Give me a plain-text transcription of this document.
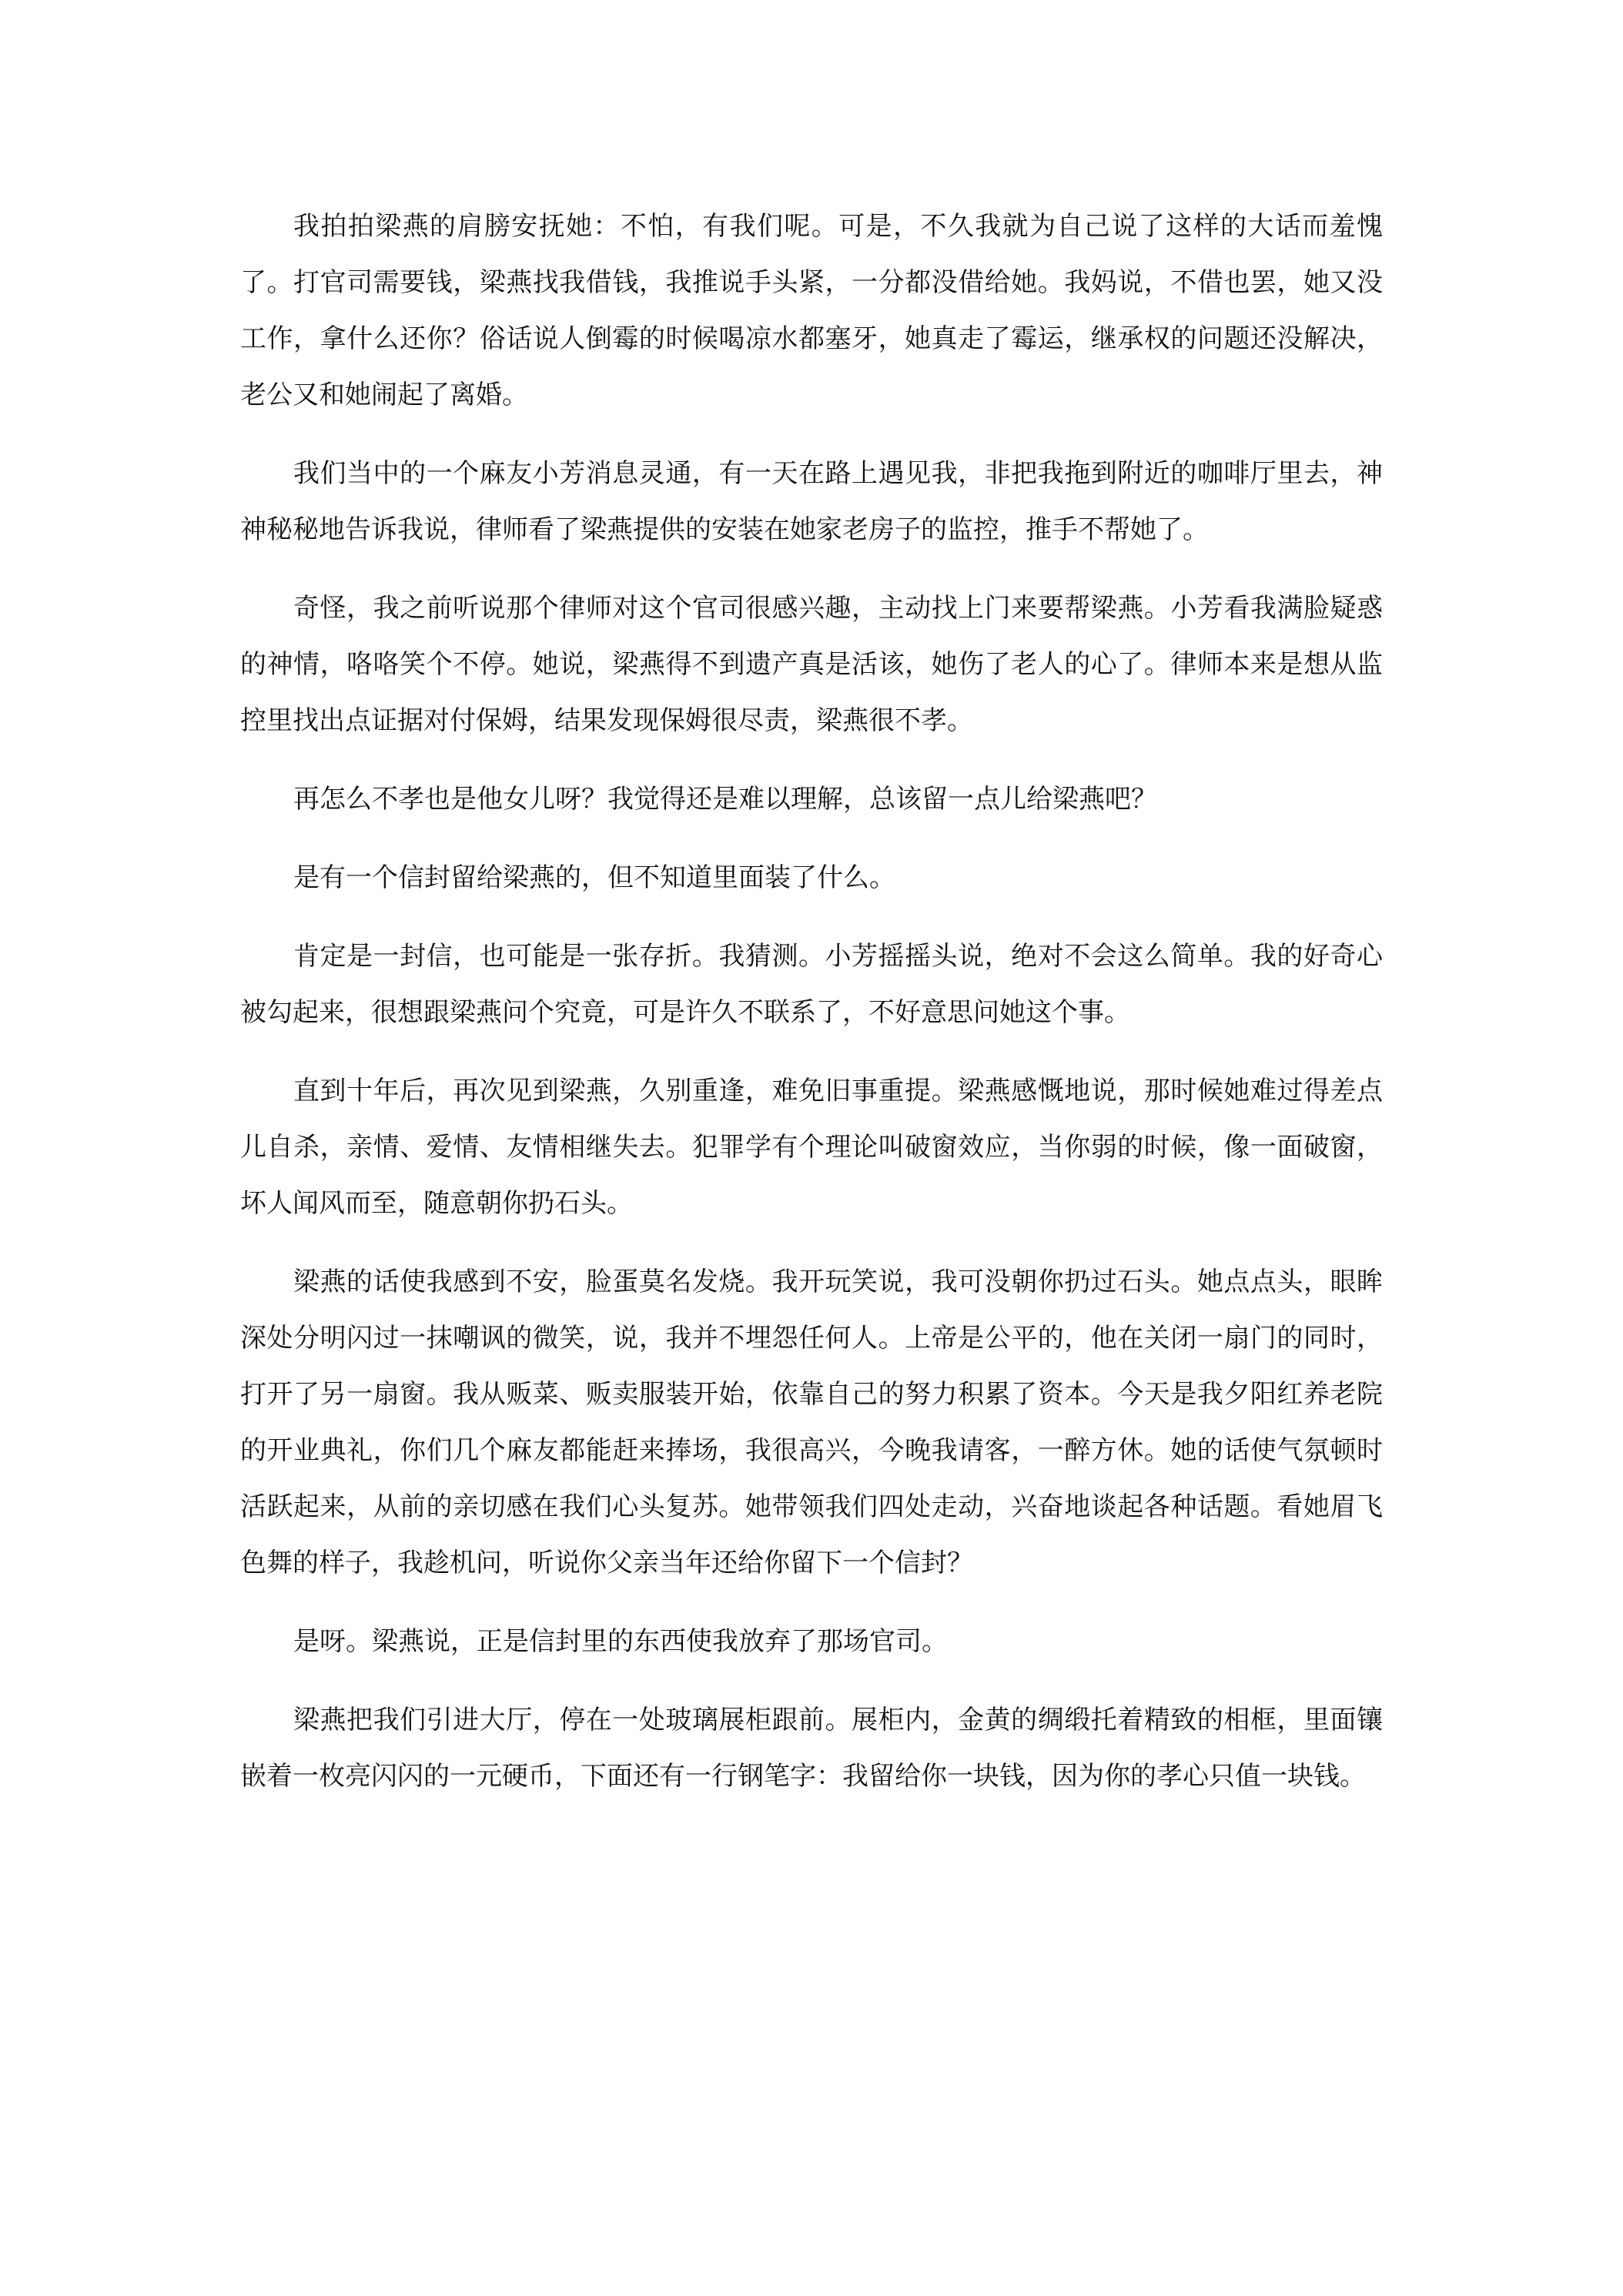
我拍拍梁燕的肩膀安抚她：不怕，有我们呢。可是，不久我就为自己说了这样的大话而羞愧了。打官司需要钱，梁燕找我借钱，我推说手头紧，一分都没借给她。我妈说，不借也罢，她又没工作，拿什么还你？俗话说人倒霉的时候喝凉水都塞牙，她真走了霉运，继承权的问题还没解决，老公又和她闹起了离婚。

我们当中的一个麻友小芳消息灵通，有一天在路上遇见我，非把我拖到附近的咖啡厅里去，神神秘秘地告诉我说，律师看了梁燕提供的安装在她家老房子的监控，推手不帮她了。

奇怪，我之前听说那个律师对这个官司很感兴趣，主动找上门来要帮梁燕。小芳看我满脸疑惑的神情，咯咯笑个不停。她说，梁燕得不到遗产真是活该，她伤了老人的心了。律师本来是想从监控里找出点证据对付保姆，结果发现保姆很尽责，梁燕很不孝。

再怎么不孝也是他女儿呀？我觉得还是难以理解，总该留一点儿给梁燕吧？

是有一个信封留给梁燕的，但不知道里面装了什么。

肯定是一封信，也可能是一张存折。我猜测。小芳摇摇头说，绝对不会这么简单。我的好奇心被勾起来，很想跟梁燕问个究竟，可是许久不联系了，不好意思问她这个事。

直到十年后，再次见到梁燕，久别重逢，难免旧事重提。梁燕感慨地说，那时候她难过得差点儿自杀，亲情、爱情、友情相继失去。犯罪学有个理论叫破窗效应，当你弱的时候，像一面破窗，坏人闻风而至，随意朝你扔石头。

梁燕的话使我感到不安，脸蛋莫名发烧。我开玩笑说，我可没朝你扔过石头。她点点头，眼眸深处分明闪过一抹嘲讽的微笑，说，我并不埋怨任何人。上帝是公平的，他在关闭一扇门的同时，打开了另一扇窗。我从贩菜、贩卖服装开始，依靠自己的努力积累了资本。今天是我夕阳红养老院的开业典礼，你们几个麻友都能赶来捧场，我很高兴，今晚我请客，一醉方休。她的话使气氛顿时活跃起来，从前的亲切感在我们心头复苏。她带领我们四处走动，兴奋地谈起各种话题。看她眉飞色舞的样子，我趁机问，听说你父亲当年还给你留下一个信封？

是呀。梁燕说，正是信封里的东西使我放弃了那场官司。

梁燕把我们引进大厅，停在一处玻璃展柜跟前。展柜内，金黄的绸缎托着精致的相框，里面镶嵌着一枚亮闪闪的一元硬币，下面还有一行钢笔字：我留给你一块钱，因为你的孝心只值一块钱。
